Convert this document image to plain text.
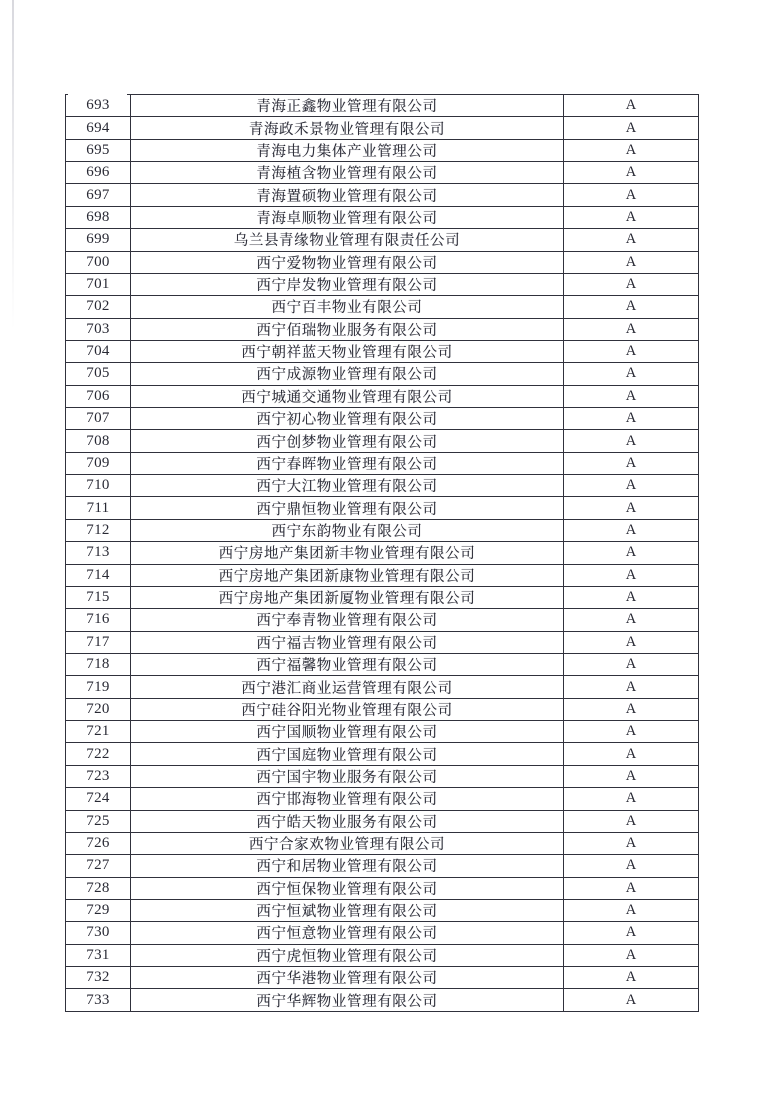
693	青海正鑫物业管理有限公司	A
694	青海政禾景物业管理有限公司	A
695	青海电力集体产业管理公司	A
696	青海植含物业管理有限公司	A
697	青海置硕物业管理有限公司	A
698	青海卓顺物业管理有限公司	A
699	乌兰县青缘物业管理有限责任公司	A
700	西宁爱物物业管理有限公司	A
701	西宁岸发物业管理有限公司	A
702	西宁百丰物业有限公司	A
703	西宁佰瑞物业服务有限公司	A
704	西宁朝祥蓝天物业管理有限公司	A
705	西宁成源物业管理有限公司	A
706	西宁城通交通物业管理有限公司	A
707	西宁初心物业管理有限公司	A
708	西宁创梦物业管理有限公司	A
709	西宁春晖物业管理有限公司	A
710	西宁大江物业管理有限公司	A
711	西宁鼎恒物业管理有限公司	A
712	西宁东韵物业有限公司	A
713	西宁房地产集团新丰物业管理有限公司	A
714	西宁房地产集团新康物业管理有限公司	A
715	西宁房地产集团新厦物业管理有限公司	A
716	西宁奉青物业管理有限公司	A
717	西宁福吉物业管理有限公司	A
718	西宁福馨物业管理有限公司	A
719	西宁港汇商业运营管理有限公司	A
720	西宁硅谷阳光物业管理有限公司	A
721	西宁国顺物业管理有限公司	A
722	西宁国庭物业管理有限公司	A
723	西宁国宇物业服务有限公司	A
724	西宁邯海物业管理有限公司	A
725	西宁皓天物业服务有限公司	A
726	西宁合家欢物业管理有限公司	A
727	西宁和居物业管理有限公司	A
728	西宁恒保物业管理有限公司	A
729	西宁恒斌物业管理有限公司	A
730	西宁恒意物业管理有限公司	A
731	西宁虎恒物业管理有限公司	A
732	西宁华港物业管理有限公司	A
733	西宁华辉物业管理有限公司	A
